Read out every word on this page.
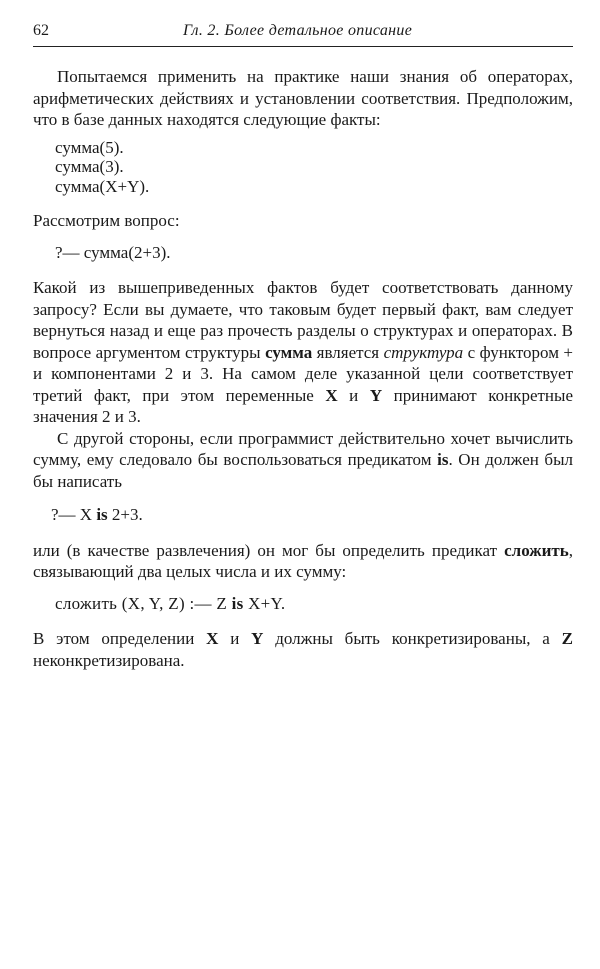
62	Гл. 2. Более детальное описание

Попытаемся применить на практике наши знания об операторах, арифметических действиях и установлении соответствия. Предположим, что в базе данных находятся следующие факты:

сумма(5).
сумма(3).
сумма(X+Y).

Рассмотрим вопрос:

?— сумма(2+3).

Какой из вышеприведенных фактов будет соответствовать данному запросу? Если вы думаете, что таковым будет первый факт, вам следует вернуться назад и еще раз прочесть разделы о структурах и операторах. В вопросе аргументом структуры сумма является структура с функтором + и компонентами 2 и 3. На самом деле указанной цели соответствует третий факт, при этом переменные X и Y принимают конкретные значения 2 и 3.

С другой стороны, если программист действительно хочет вычислить сумму, ему следовало бы воспользоваться предикатом is. Он должен был бы написать

?— X is 2+3.

или (в качестве развлечения) он мог бы определить предикат сложить, связывающий два целых числа и их сумму:

сложить (X, Y, Z) :— Z is X+Y.

В этом определении X и Y должны быть конкретизированы, а Z неконкретизирована.
